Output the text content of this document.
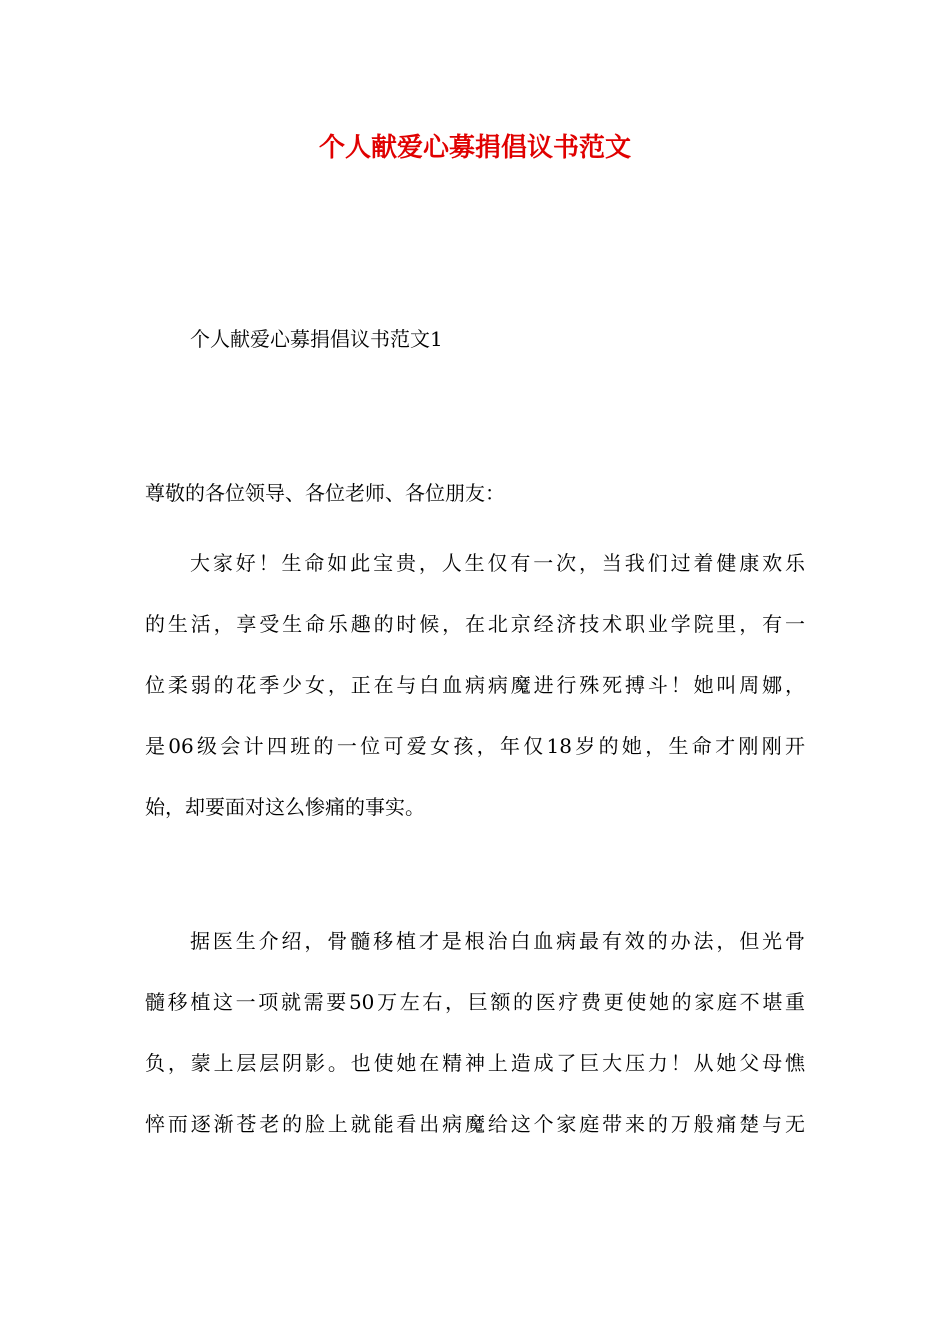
个人献爱心募捐倡议书范文
个人献爱心募捐倡议书范文1
尊敬的各位领导、各位老师、各位朋友：
大家好！生命如此宝贵，人生仅有一次，当我们过着健康欢乐
的生活，享受生命乐趣的时候，在北京经济技术职业学院里，有一
位柔弱的花季少女，正在与白血病病魔进行殊死搏斗！她叫周娜，
是06级会计四班的一位可爱女孩，年仅18岁的她，生命才刚刚开
始，却要面对这么惨痛的事实。
据医生介绍，骨髓移植才是根治白血病最有效的办法，但光骨
髓移植这一项就需要50万左右，巨额的医疗费更使她的家庭不堪重
负，蒙上层层阴影。也使她在精神上造成了巨大压力！从她父母憔
悴而逐渐苍老的脸上就能看出病魔给这个家庭带来的万般痛楚与无
